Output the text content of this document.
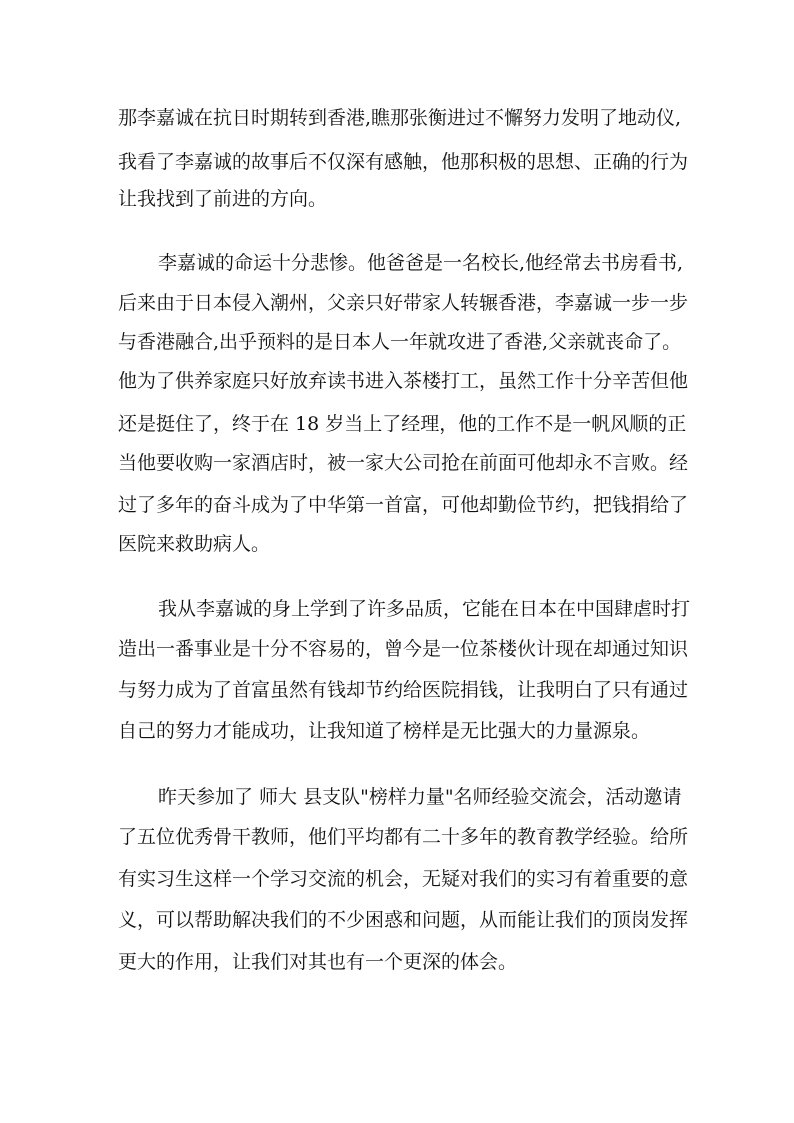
那李嘉诚在抗日时期转到香港,瞧那张衡进过不懈努力发明了地动仪,
我看了李嘉诚的故事后不仅深有感触，他那积极的思想、正确的行为
让我找到了前进的方向。
李嘉诚的命运十分悲惨。他爸爸是一名校长,他经常去书房看书,
后来由于日本侵入潮州，父亲只好带家人转辗香港，李嘉诚一步一步
与香港融合,出乎预料的是日本人一年就攻进了香港,父亲就丧命了。
他为了供养家庭只好放弃读书进入茶楼打工，虽然工作十分辛苦但他
还是挺住了，终于在 18 岁当上了经理，他的工作不是一帆风顺的正
当他要收购一家酒店时，被一家大公司抢在前面可他却永不言败。经
过了多年的奋斗成为了中华第一首富，可他却勤俭节约，把钱捐给了
医院来救助病人。
我从李嘉诚的身上学到了许多品质，它能在日本在中国肆虐时打
造出一番事业是十分不容易的，曾今是一位茶楼伙计现在却通过知识
与努力成为了首富虽然有钱却节约给医院捐钱，让我明白了只有通过
自己的努力才能成功，让我知道了榜样是无比强大的力量源泉。
昨天参加了 师大 县支队"榜样力量"名师经验交流会，活动邀请
了五位优秀骨干教师，他们平均都有二十多年的教育教学经验。给所
有实习生这样一个学习交流的机会，无疑对我们的实习有着重要的意
义，可以帮助解决我们的不少困惑和问题，从而能让我们的顶岗发挥
更大的作用，让我们对其也有一个更深的体会。
